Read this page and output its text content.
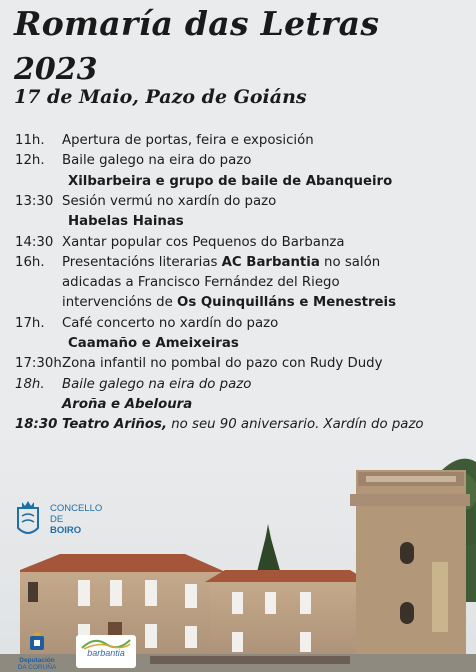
Romaría das Letras
2023
17 de Maio, Pazo de Goiáns
11h. Apertura de portas, feira e exposición
12h. Baile galego na eira do pazo
Xilbarbeira e grupo de baile de Abanqueiro
13:30 Sesión vermú no xardín do pazo
Habelas Hainas
14:30 Xantar popular cos Pequenos do Barbanza
16h. Presentacións literarias AC Barbantia no salón
adicadas a Francisco Fernández del Riego
intervencións de Os Quinquilláns e Menestreis
17h. Café concerto no xardín do pazo
Caamaño e Ameixeiras
17:30h Zona infantil no pombal do pazo con Rudy Dudy
18h. Baile galego na eira do pazo
Aroña e Abeloura
18:30 Teatro Ariños, no seu 90 aniversario. Xardín do pazo
CONCELLO
DE
BOIRO
Deputación
DA CORUÑA
barbantia
